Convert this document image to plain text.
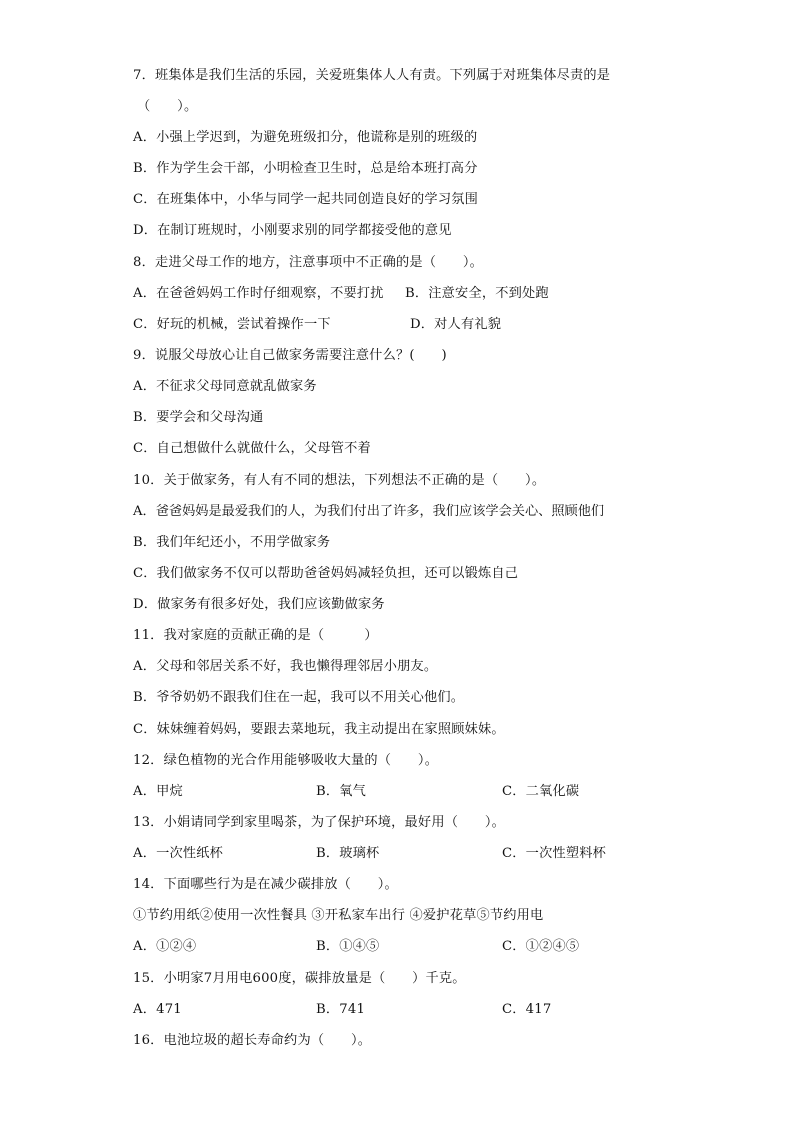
7．班集体是我们生活的乐园，关爱班集体人人有责。下列属于对班集体尽责的是
（　　）。
A．小强上学迟到，为避免班级扣分，他谎称是别的班级的
B．作为学生会干部，小明检查卫生时，总是给本班打高分
C．在班集体中，小华与同学一起共同创造良好的学习氛围
D．在制订班规时，小刚要求别的同学都接受他的意见
8．走进父母工作的地方，注意事项中不正确的是（　　）。
A．在爸爸妈妈工作时仔细观察，不要打扰 B．注意安全，不到处跑
C．好玩的机械，尝试着操作一下	D．对人有礼貌
9．说服父母放心让自己做家务需要注意什么？(　　)
A．不征求父母同意就乱做家务
B．要学会和父母沟通
C．自己想做什么就做什么，父母管不着
10．关于做家务，有人有不同的想法，下列想法不正确的是（　　）。
A．爸爸妈妈是最爱我们的人，为我们付出了许多，我们应该学会关心、照顾他们
B．我们年纪还小，不用学做家务
C．我们做家务不仅可以帮助爸爸妈妈减轻负担，还可以锻炼自己
D．做家务有很多好处，我们应该勤做家务
11．我对家庭的贡献正确的是（　　　）
A．父母和邻居关系不好，我也懒得理邻居小朋友。
B．爷爷奶奶不跟我们住在一起，我可以不用关心他们。
C．妹妹缠着妈妈，要跟去菜地玩，我主动提出在家照顾妹妹。
12．绿色植物的光合作用能够吸收大量的（　　）。
A．甲烷	B．氧气	C．二氧化碳
13．小娟请同学到家里喝茶，为了保护环境，最好用（　　）。
A．一次性纸杯	B．玻璃杯	C．一次性塑料杯
14．下面哪些行为是在减少碳排放（　　）。
①节约用纸②使用一次性餐具 ③开私家车出行 ④爱护花草⑤节约用电
A．①②④	B．①④⑤	C．①②④⑤
15．小明家7月用电600度，碳排放量是（　　）千克。
A．471	B．741	C．417
16．电池垃圾的超长寿命约为（　　）。
